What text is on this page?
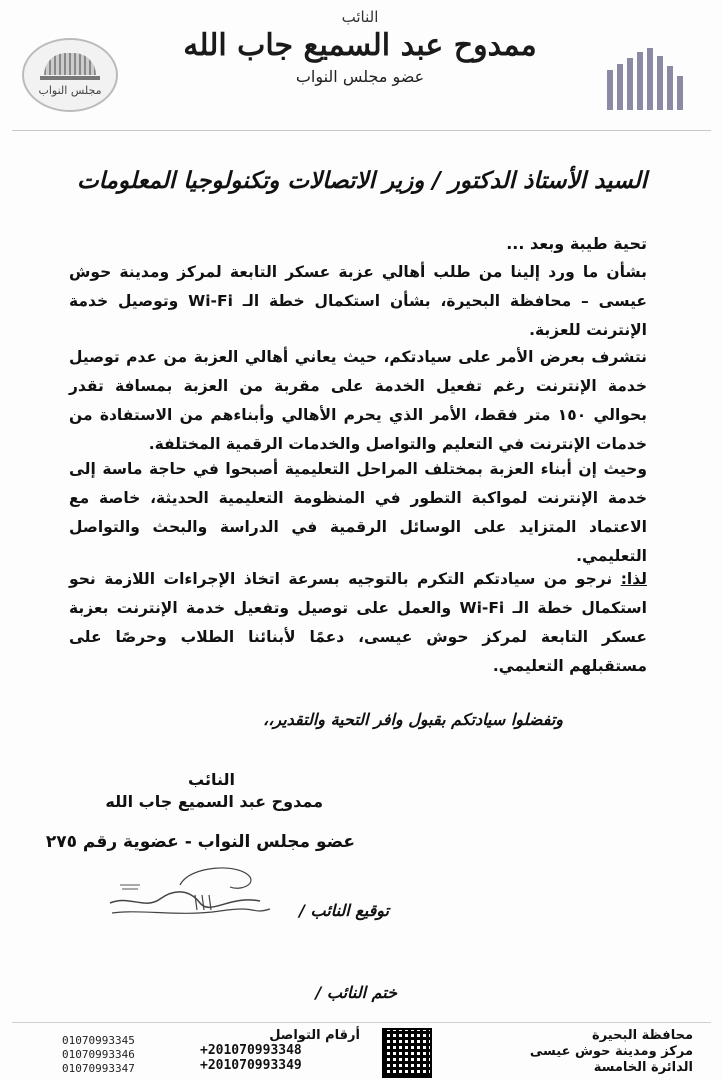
مجلس النواب
النائب
ممدوح عبد السميع جاب الله
عضو مجلس النواب
السيد الأستاذ الدكتور / وزير الاتصالات وتكنولوجيا المعلومات
تحية طيبة وبعد ...
بشأن ما ورد إلينا من طلب أهالي عزبة عسكر التابعة لمركز ومدينة حوش عيسى – محافظة البحيرة، بشأن استكمال خطة الـ Wi-Fi وتوصيل خدمة الإنترنت للعزبة.
نتشرف بعرض الأمر على سيادتكم، حيث يعاني أهالي العزبة من عدم توصيل خدمة الإنترنت رغم تفعيل الخدمة على مقربة من العزبة بمسافة تقدر بحوالي ١٥٠ متر فقط، الأمر الذي يحرم الأهالي وأبناءهم من الاستفادة من خدمات الإنترنت في التعليم والتواصل والخدمات الرقمية المختلفة.
وحيث إن أبناء العزبة بمختلف المراحل التعليمية أصبحوا في حاجة ماسة إلى خدمة الإنترنت لمواكبة التطور في المنظومة التعليمية الحديثة، خاصة مع الاعتماد المتزايد على الوسائل الرقمية في الدراسة والبحث والتواصل التعليمي.
لذا: نرجو من سيادتكم التكرم بالتوجيه بسرعة اتخاذ الإجراءات اللازمة نحو استكمال خطة الـ Wi-Fi والعمل على توصيل وتفعيل خدمة الإنترنت بعزبة عسكر التابعة لمركز حوش عيسى، دعمًا لأبنائنا الطلاب وحرصًا على مستقبلهم التعليمي.
وتفضلوا سيادتكم بقبول وافر التحية والتقدير،،
النائب
ممدوح عبد السميع جاب الله
عضو مجلس النواب - عضوية رقم ٢٧٥
توقيع النائب /
ختم النائب /
01070993345
01070993346
01070993347
أرقام التواصل
+201070993348
+201070993349
محافظة البحيرة
مركز ومدينة حوش عيسى
الدائرة الخامسة
